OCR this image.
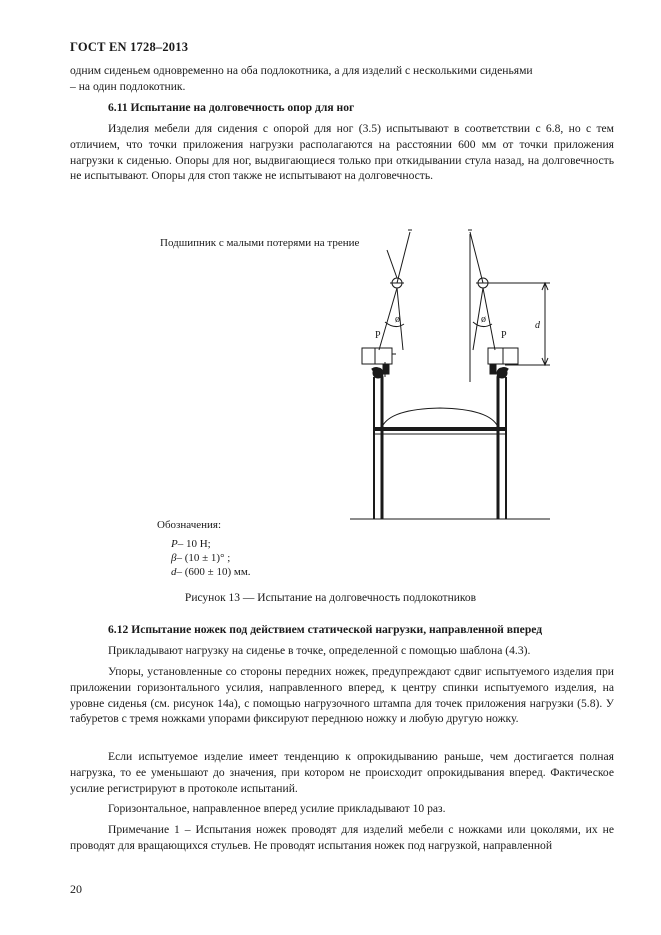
ГОСТ EN 1728–2013
одним сиденьем одновременно на оба подлокотника, а для изделий с несколькими сиденьями
– на один подлокотник.
6.11 Испытание на долговечность опор для ног
Изделия мебели для сидения с опорой для ног (3.5) испытывают в соответствии с 6.8, но с тем отличием, что точки приложения нагрузки располагаются на расстоянии 600 мм от точки приложения нагрузки к сиденью. Опоры для ног, выдвигающиеся только при откидывании стула назад, на долговечность не испытывают. Опоры для стоп также не испытывают на долговечность.
Подшипник с малыми потерями на трение
P	P
ø	ø
d
Обозначения:
P– 10 Н;
β– (10 ± 1)° ;
d– (600 ± 10) мм.
Рисунок 13 — Испытание на долговечность подлокотников
6.12 Испытание ножек под действием статической нагрузки, направленной вперед
Прикладывают нагрузку на сиденье в точке, определенной с помощью шаблона (4.3).
Упоры, установленные со стороны передних ножек, предупреждают сдвиг испытуемого изделия при приложении горизонтального усилия, направленного вперед, к центру спинки испытуемого изделия, на уровне сиденья (см. рисунок 14а), с помощью нагрузочного штампа для точек приложения нагрузки (5.8). У табуретов с тремя ножками упорами фиксируют переднюю ножку и любую другую ножку.
Если испытуемое изделие имеет тенденцию к опрокидыванию раньше, чем достигается полная нагрузка, то ее уменьшают до значения, при котором не происходит опрокидывания вперед. Фактическое усилие регистрируют в протоколе испытаний.
Горизонтальное, направленное вперед усилие прикладывают 10 раз.
Примечание 1 – Испытания ножек проводят для изделий мебели с ножками или цоколями, их не проводят для вращающихся стульев. Не проводят испытания ножек под нагрузкой, направленной
20
